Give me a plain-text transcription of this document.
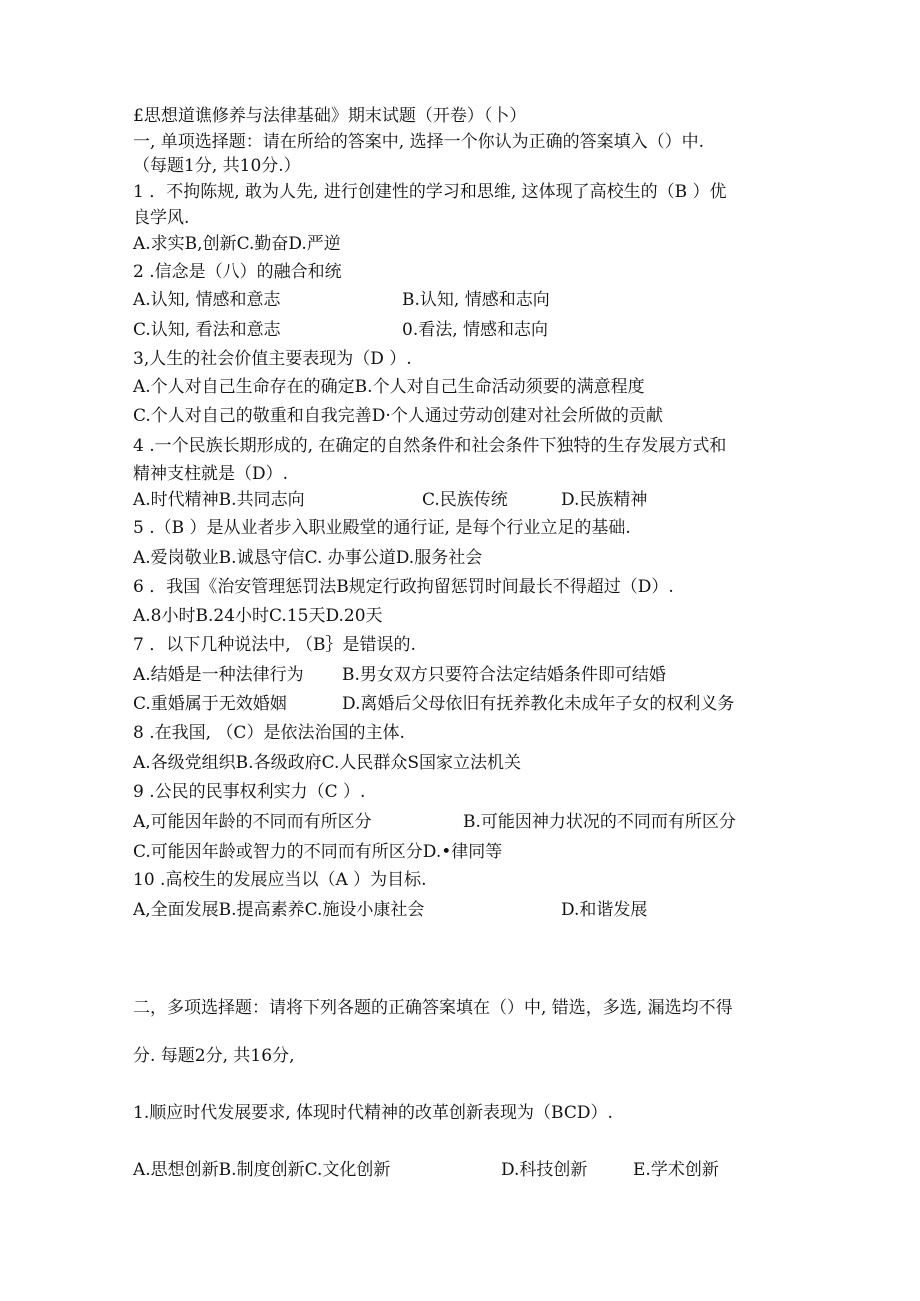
£思想道谯修养与法律基础》期末试题（开卷）（卜）
一, 单项选择题：请在所给的答案中, 选择一个你认为正确的答案填入（）中.
（每题1分, 共10分.）
1 ．不拘陈规, 敢为人先, 进行创建性的学习和思维, 这体现了高校生的（B ）优
良学风.
A.求实B,创新C.勤奋D.严逆
2 .信念是（八）的融合和统
A.认知, 情感和意志	B.认知, 情感和志向
C.认知, 看法和意志	0.看法, 情感和志向
3,人生的社会价值主要表现为（D ）.
A.个人对自己生命存在的确定B.个人对自己生命活动须要的满意程度
C.个人对自己的敬重和自我完善D·个人通过劳动创建对社会所做的贡献
4 .一个民族长期形成的, 在确定的自然条件和社会条件下独特的生存发展方式和
精神支柱就是（D）.
A.时代精神B.共同志向	C.民族传统	D.民族精神
5 .（B ）是从业者步入职业殿堂的通行证, 是每个行业立足的基础.
A.爱岗敬业B.诚恳守信C. 办事公道D.服务社会
6 ．我国《治安管理惩罚法B规定行政拘留惩罚时间最长不得超过（D）.
A.8小时B.24小时C.15天D.20天
7 ．以下几种说法中, （B｝是错误的.
A.结婚是一种法律行为 B.男女双方只要符合法定结婚条件即可结婚
C.重婚属于无效婚姻	D.离婚后父母依旧有抚养教化未成年子女的权利义务
8 .在我国, （C）是依法治国的主体.
A.各级党组织B.各级政府C.人民群众S国家立法机关
9 .公民的民事权利实力（C ）.
A,可能因年龄的不同而有所区分	B.可能因神力状况的不同而有所区分
C.可能因年龄或智力的不同而有所区分D.•律同等
10 .高校生的发展应当以（A ）为目标.
A,全面发展B.提高素养C.施设小康社会	D.和谐发展
二，多项选择题：请将下列各题的正确答案填在（）中, 错选，多选, 漏选均不得
分. 每题2分, 共16分,
1.顺应时代发展要求, 体现时代精神的改革创新表现为（BCD）.
A.思想创新B.制度创新C.文化创新	D.科技创新	E.学术创新
